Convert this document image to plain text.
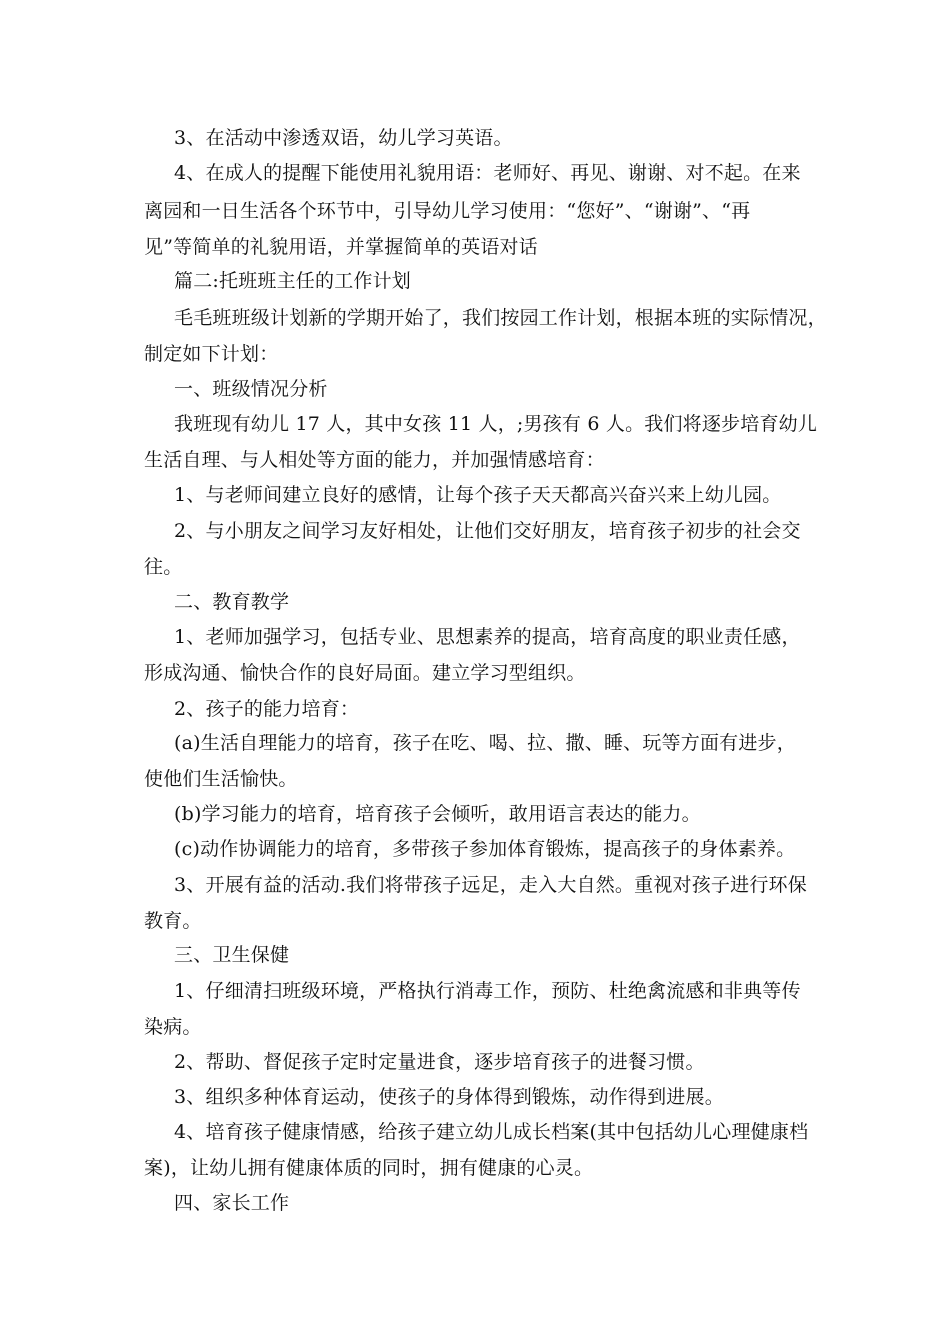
3、在活动中渗透双语，幼儿学习英语。
4、在成人的提醒下能使用礼貌用语：老师好、再见、谢谢、对不起。在来
离园和一日生活各个环节中，引导幼儿学习使用：“您好”、“谢谢”、“再
见”等简单的礼貌用语，并掌握简单的英语对话
篇二:托班班主任的工作计划
毛毛班班级计划新的学期开始了，我们按园工作计划，根据本班的实际情况，
制定如下计划：
一、班级情况分析
我班现有幼儿 17 人，其中女孩 11 人，;男孩有 6 人。我们将逐步培育幼儿
生活自理、与人相处等方面的能力，并加强情感培育：
1、与老师间建立良好的感情，让每个孩子天天都高兴奋兴来上幼儿园。
2、与小朋友之间学习友好相处，让他们交好朋友，培育孩子初步的社会交
往。
二、教育教学
1、老师加强学习，包括专业、思想素养的提高，培育高度的职业责任感，
形成沟通、愉快合作的良好局面。建立学习型组织。
2、孩子的能力培育：
(a)生活自理能力的培育，孩子在吃、喝、拉、撒、睡、玩等方面有进步，
使他们生活愉快。
(b)学习能力的培育，培育孩子会倾听，敢用语言表达的能力。
(c)动作协调能力的培育，多带孩子参加体育锻炼，提高孩子的身体素养。
3、开展有益的活动.我们将带孩子远足，走入大自然。重视对孩子进行环保
教育。
三、卫生保健
1、仔细清扫班级环境，严格执行消毒工作，预防、杜绝禽流感和非典等传
染病。
2、帮助、督促孩子定时定量进食，逐步培育孩子的进餐习惯。
3、组织多种体育运动，使孩子的身体得到锻炼，动作得到进展。
4、培育孩子健康情感，给孩子建立幼儿成长档案(其中包括幼儿心理健康档
案)，让幼儿拥有健康体质的同时，拥有健康的心灵。
四、家长工作
